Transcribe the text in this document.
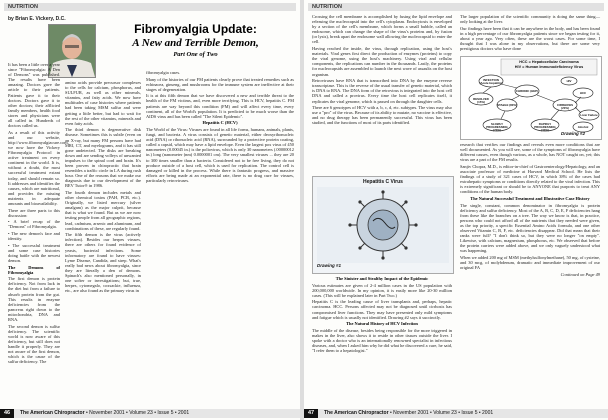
NUTRITION
by Brian E. Vickery, D.C.
Fibromyalgia Update:
A New and Terrible Demon,
Part One of Two

It has been a little over a year since "Fibromyalgia: A Den of Demons" was published. The results have been amazing. Doctors gave the article to their patients. Patients gave it to their doctors. Doctors gave it to other doctors; their afflicted family members, health food stores and physicians were all called in. Hundreds of doctors called us.

As a result of this activity and our website, http://www.fibromyalgiacure.com, we now have the Vickery Fibromyalgia Protocol in active treatment on every continent in the world. It is, without a doubt, the most successful treatment extant today, and should remain so. It addresses and identifies the causes, which are nutritional, and provides the missing nutrients in adequate amounts and bioavailability.

There are three parts to this discussion:

• A brief recap of the "Demons" of Fibromyalgia.

• The new demon's face and identity.

• The successful treatment and some case histories doing battle with the newest demon.

The Demons of Fibromyalgia

The first demon is protein deficiency. Not from lack in the diet but from a failure to absorb protein from the gut. This results in enzyme deficiencies from the pancreas right down to the mitochondria, DNA and RNA.

The second demon is sulfur deficiency. The scientific world is now aware of this deficiency, but still does not handle it properly. They are not aware of the first demon, which is the cause of the sulfur deficiency. The

amino acids provide precursor complexes to the cells for calcium, phosphorus, and SULFUR, as well as other minerals, vitamins, and fatty acids. We now have multitudes of case histories where patients had been taking MSM sulfur and were getting a little better, but had to wait for the rest of the other vitamins, minerals and even fatty acids.

The third demon is degenerative disk disease. Sometimes this is subtle (even on an X-ray, but many FM persons have had MRI, CT, and myelograms, and it has still gone undetected. The disks are breaking down and are sending volleys of unwanted impulses to the spinal cord and brain. It's been proven in chiropractic that brain resembles a traffic circle in LA during rush hour. One of the reasons that we make our diagnosis due to our development of the BEV Tutor® in 1986.

The fourth demon includes metals and other chemical toxins (PAH, PCB, etc.). Originally, we listed mercury (silver amalgam) as the major culprit, because that is what we found. But as we are now testing people from all geographic regions, lead, cadmium, arsenic and aluminum, and combinations of these, are regularly found.

The fifth demon is the virus (actively infection). Besides our herpes viruses, there are others for found evidence of yeasts, bacterial infections. Some informatory are found to have viruses: Lyme Disease, Candida, and strep. What's really bad news about fibromyalgia, since they are literally a den of demons. Spinach's also mentioned personally, in one softer or investigations; but, true, herpes, cytomegalo, coxsackie, influenza, etc., are also found as the primary virus in

fibromyalgia cases.

Many of the histories of our FM patients clearly prove that treated remedies such as echinacea, ginseng, and mushrooms for the immune system are ineffective at their stages of degeneration.

It is at this fifth demon that we have discovered a new and terrible threat to the health of the FM victims, and, even more terrifying. This is HCV, hepatitis C. FM patients are way beyond this condition (FM) and will affect every time, every continent, all of the World's population. It is predicted to be much worse than the AIDS virus and has been called "The Silent Epidemic".

Hepatitis C (HCV)

The World of the Virus: Viruses are found in all life forms, humans, animals, plants, fungi, and bacteria. A virus consists of genetic material, either deoxyribonucleic acid (DNA) or ribonucleic acid (RNA), surrounded by a protective protein coating, called a capsid, which may have a lipid envelope. Even the largest pox virus of 450 nanometers (0.00045 in.) is the poliovirus, which is only 30 nanometers (.00000012 in.) long (nanometer (nm) 0.0000001 cm). The very smallest viruses ... they are 20 to 300 times smaller than a bacteria. Considered not to be free living, they do not produce outside of a host cell, which is used for replication. The control cell is damaged or killed in the process. While there is fantastic progress, and massive efforts are being made at an exponential rate, there is no drug cure for viruses, particularly retroviruses.

The American Chiropractor • November 2001 • Volume 23 • Issue 5 • 2001
46
NUTRITION

Crossing the cell membrane is accomplished by fusing the lipid envelope and releasing the nucleocapsid into the cell's cytoplasm. Endocytosis is enveloped by a section of the cell's membrane, which forms a small bubble, called an endosome, which can change the shape of the virus's proteins and, by fusion (or lysis), break apart the endosome wall allowing the nucleocapsid to enter the cell.

Having reached the inside, the virus, through replication, using the host's materials. Viral genes first direct the production of enzymes (proteins) to copy the viral genome, using the host's machinery. Using viral and cellular components, the replications can number in the thousands. Lastly, the proteins for nucleocapsids are assembled to launch the next wave of assaults on the host organism.

Retroviruses have RNA that is transcribed into DNA by the enzyme reverse transcriptase. This is the reverse of the usual transfer of genetic material, which is DNA to RNA. The DNA form of the retrovirus is integrated into the host cell DNA and called a provirus. Every time the host cell replicates itself, it replicates the viral genome, which is passed on through the daughter cells.

There are 6 genotypes of HCV with a, b, c, d, etc. subtypes. The virus may also use a "pro" of the virus. Because of its ability to mutate, no vaccine is effective, and no drug therapy has been permanently successful. This virus has been studied, and the functions of most of its parts identified.

Hepatitis C Virus
Drawing #1

The Sinister and Stealthy Impact of the Epidemic

Various estimates are given of 2-4 million cases in the US population with 200,000,000 worldwide. In my opinion, it is easily more like 20-30 million cases. (This will be explained later in Part Two.)

Hepatitis C is the leading cause of liver transplants and, perhaps, hepatic carcinoma. HCC. Persons affected may not be diagnosed until cirrhosis has compromised liver functions. They may have presented only mild symptoms and fatigue which is usually not identified. Drawing #2 says it succinctly.

The Natural History of HCV Infection

The middle of the disease, besides being responsible for the more triggered in makes in the liver, also shows it to reside in other tissues outside the liver. I spoke with a doctor who is an internationally renowned specialist in infectious diseases, and, when I asked him why he did what he discovered a cure, he said, "I refer them to a hepatologist."

The larger population of the scientific community is doing the same thing—only looking at the liver.

Our findings have been that it can be anywhere in the body, and has been found in a high percentage of our fibromyalgia patients since we began testing for it, about a year ago. Very often, these are the worst cases. For some time, I thought that I was alone in my observations, but there are some very prestigious doctors who have done

HCC = Hepatocellular Carcinoma
HIV = Human Immunodeficiency Virus
INFECTION (Acute Hepatitis)
CHRONIC (HEP)
RESOLVED (15%)
STABLE (80%)	CIRRHOSIS (20%)
SLOWLY PROGRESSING (70%)
RAPIDLY PROGRESSING (30%)
HCC
Liver Failure
HIV
Alcohol
Drawing #2

research that verifies our findings and reveals even more conditions that are well documented. As you will see, some of the symptoms of fibromyalgia have different causes, even though various, as a whole, has NOT caught on, yet; this virus are a part of the FM results.

Sanjiv Chopra, M.D., is editor-in-chief of Gastroenterology/Hepatology, and an associate professor of medicine at Harvard Medical School. He lists the findings of a study of 321 cases of HCV, in which 38% of the cases had extrahepatic symptoms or conditions directly related to the viral infection. This is extremely significant or should be to ANYONE that purports to treat ANY conditions of the human body.

The Natural Successful Treatment and Illustrative Case History

The single, constant, common denominator in fibromyalgia is protein deficiency and sulfur deficiency. Most of the A, B, C, D, E, F deficiencies hang from these like the branches on a tree. The way we know is that, in practice, persons who could not afford all of the nutrients that they needed were given, as the top priority, a specific Essential Amino Acids formula, and one other observed Vitamin C, B, F, etc. deficiencies disappear. Did that mean that their ranks were full? "I don't think so, but they were no longer "on empty". Likewise, with calcium, magnesium, phosphorus, etc. We observed that before the protein carriers were added above, and we only vaguely understood what was happening.

When we added 200 mg of MSM (methylsulfonylmethane), 50 mg, of cysteine, and 30 mcg, of molybdenum, dramatic and immediate improvement of our original FA

Continued on Page 49

The American Chiropractor • November 2001 • Volume 23 • Issue 5 • 2001
47
